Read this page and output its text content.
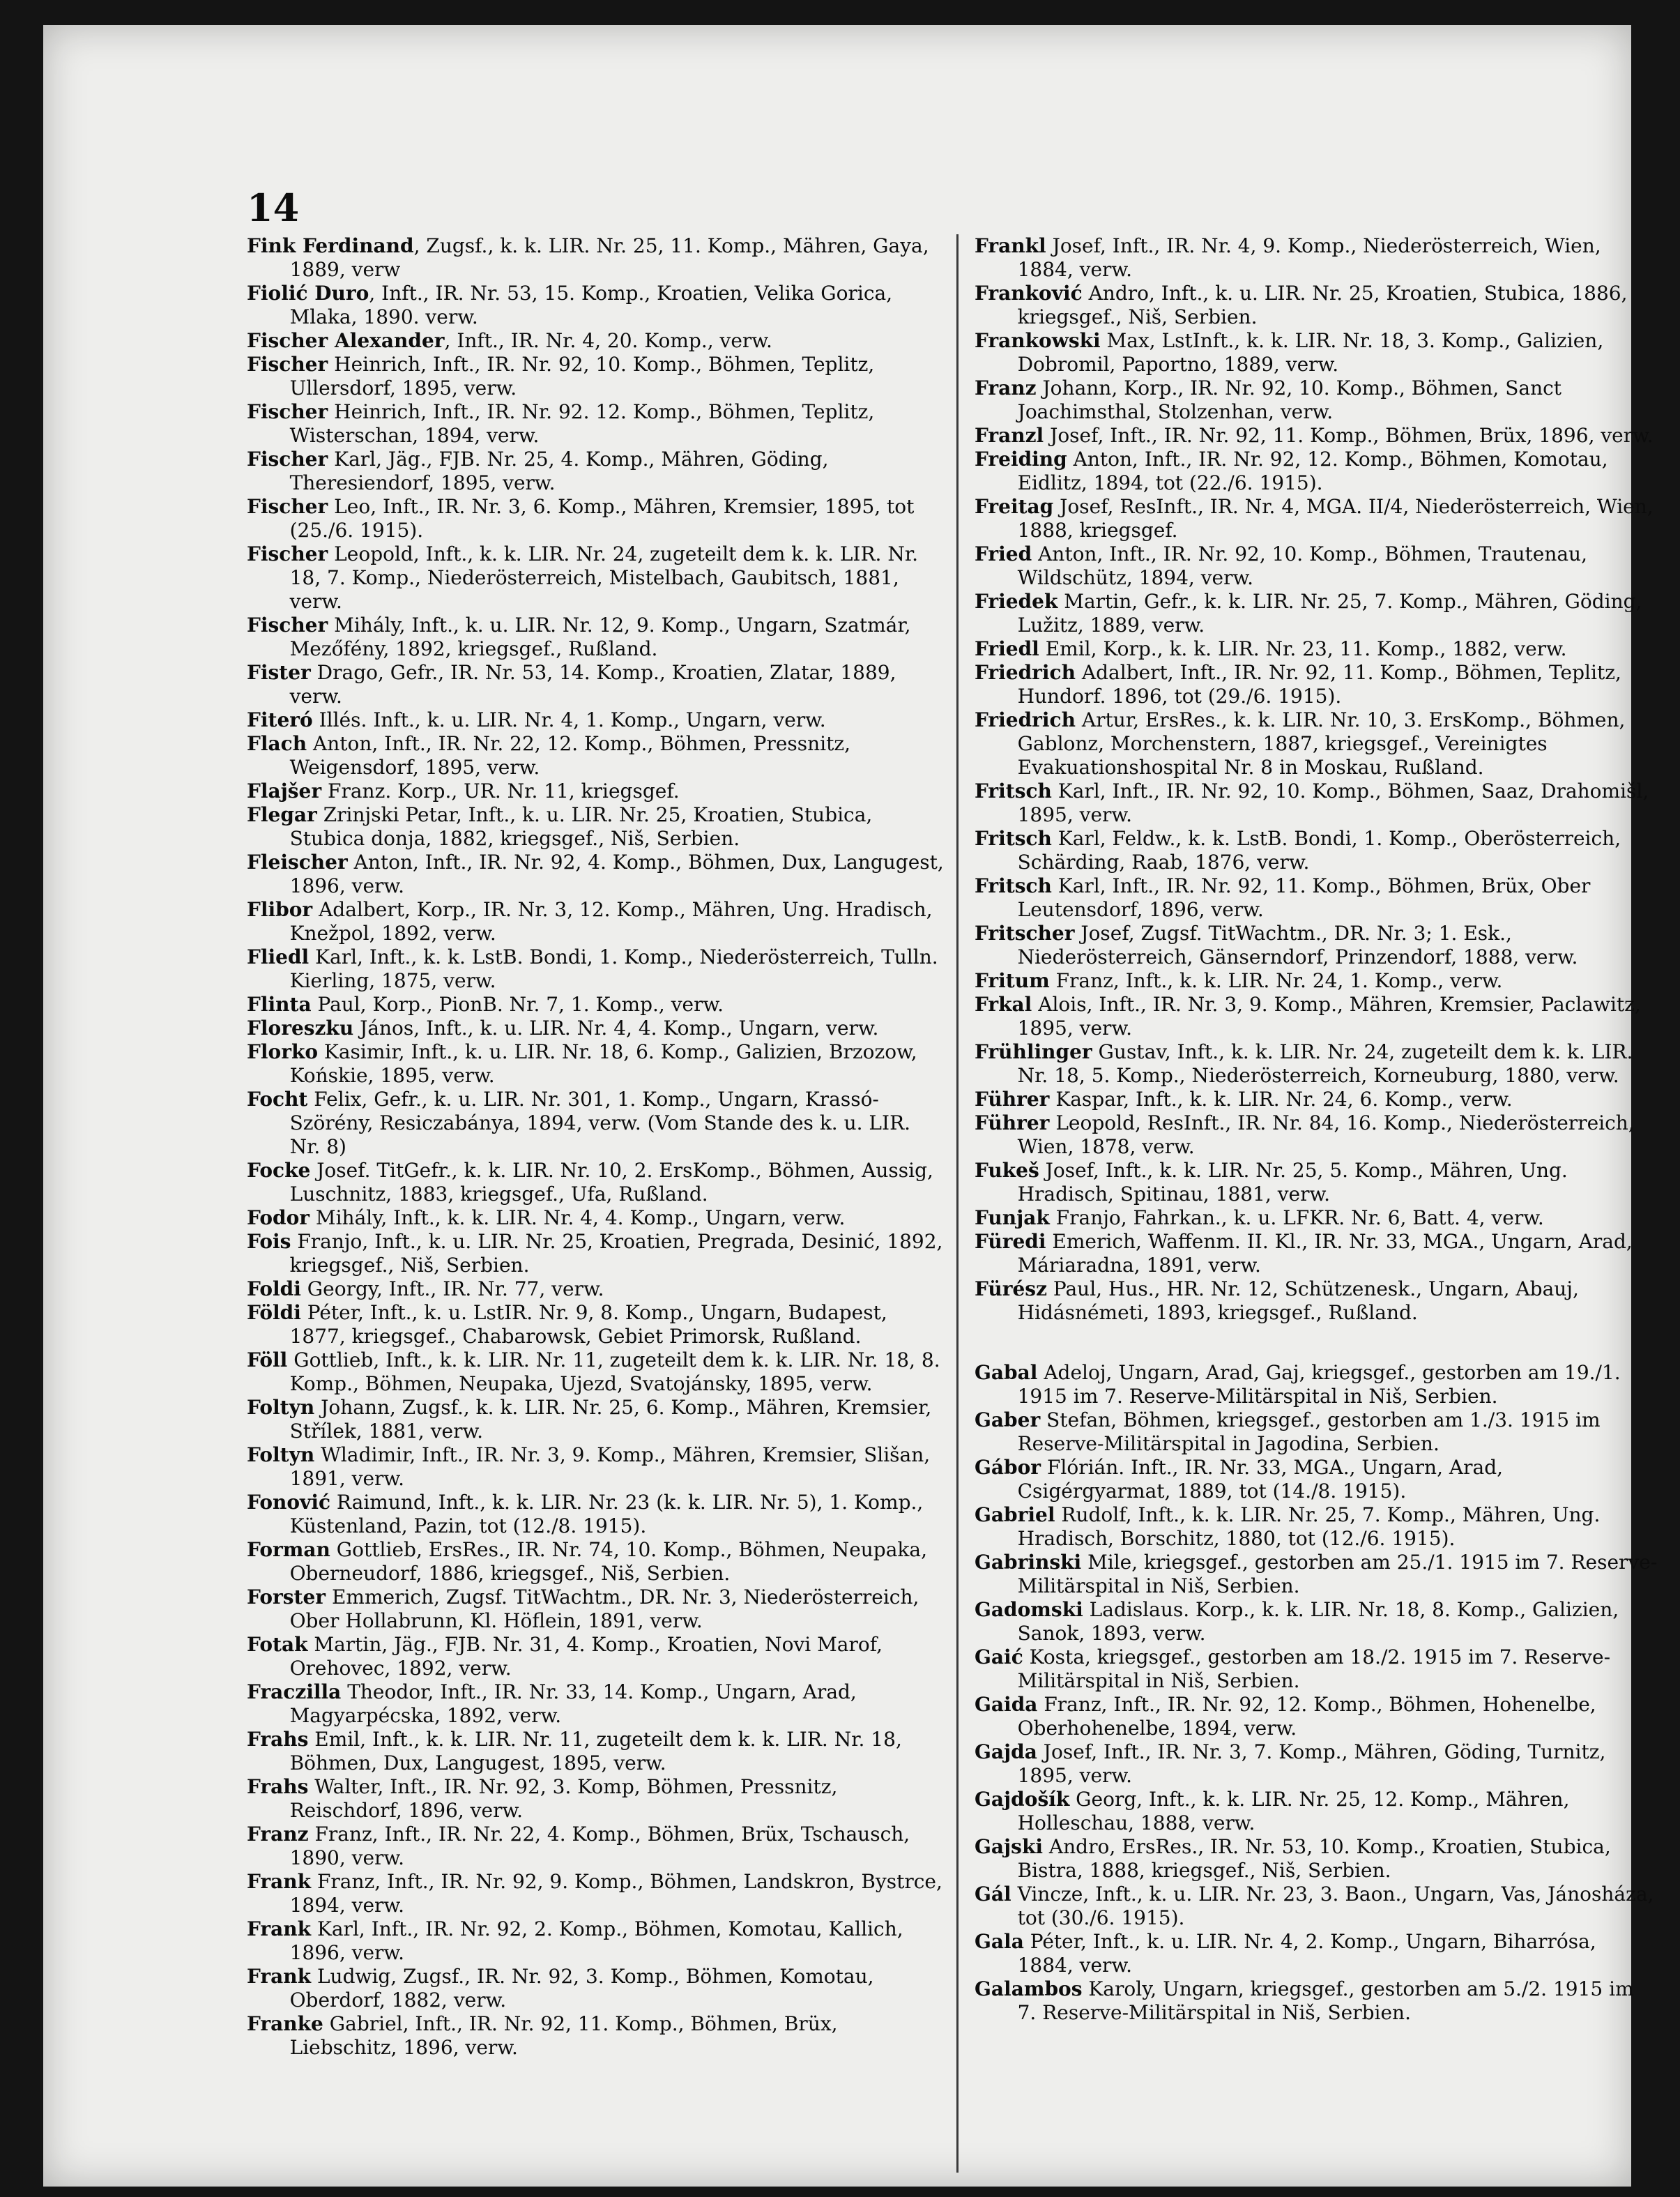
14

Fink Ferdinand, Zugsf., k. k. LIR. Nr. 25, 11. Komp., Mähren, Gaya, 1889, verw

Fiolić Duro, Inft., IR. Nr. 53, 15. Komp., Kroatien, Velika Gorica, Mlaka, 1890. verw.

Fischer Alexander, Inft., IR. Nr. 4, 20. Komp., verw.

Fischer Heinrich, Inft., IR. Nr. 92, 10. Komp., Böhmen, Teplitz, Ullersdorf, 1895, verw.

Fischer Heinrich, Inft., IR. Nr. 92. 12. Komp., Böhmen, Teplitz, Wisterschan, 1894, verw.

Fischer Karl, Jäg., FJB. Nr. 25, 4. Komp., Mähren, Göding, Theresiendorf, 1895, verw.

Fischer Leo, Inft., IR. Nr. 3, 6. Komp., Mähren, Kremsier, 1895, tot (25./6. 1915).

Fischer Leopold, Inft., k. k. LIR. Nr. 24, zugeteilt dem k. k. LIR. Nr. 18, 7. Komp., Niederösterreich, Mistelbach, Gaubitsch, 1881, verw.

Fischer Mihály, Inft., k. u. LIR. Nr. 12, 9. Komp., Ungarn, Szatmár, Mezőfény, 1892, kriegsgef., Rußland.

Fister Drago, Gefr., IR. Nr. 53, 14. Komp., Kroatien, Zlatar, 1889, verw.

Fiteró Illés. Inft., k. u. LIR. Nr. 4, 1. Komp., Ungarn, verw.

Flach Anton, Inft., IR. Nr. 22, 12. Komp., Böhmen, Pressnitz, Weigensdorf, 1895, verw.

Flajšer Franz. Korp., UR. Nr. 11, kriegsgef.

Flegar Zrinjski Petar, Inft., k. u. LIR. Nr. 25, Kroatien, Stubica, Stubica donja, 1882, kriegsgef., Niš, Serbien.

Fleischer Anton, Inft., IR. Nr. 92, 4. Komp., Böhmen, Dux, Langugest, 1896, verw.

Flibor Adalbert, Korp., IR. Nr. 3, 12. Komp., Mähren, Ung. Hradisch, Knežpol, 1892, verw.

Fliedl Karl, Inft., k. k. LstB. Bondi, 1. Komp., Niederösterreich, Tulln. Kierling, 1875, verw.

Flinta Paul, Korp., PionB. Nr. 7, 1. Komp., verw.

Floreszku János, Inft., k. u. LIR. Nr. 4, 4. Komp., Ungarn, verw.

Florko Kasimir, Inft., k. u. LIR. Nr. 18, 6. Komp., Galizien, Brzozow, Końskie, 1895, verw.

Focht Felix, Gefr., k. u. LIR. Nr. 301, 1. Komp., Ungarn, Krassó-Szörény, Resiczabánya, 1894, verw. (Vom Stande des k. u. LIR. Nr. 8)

Focke Josef. TitGefr., k. k. LIR. Nr. 10, 2. ErsKomp., Böhmen, Aussig, Luschnitz, 1883, kriegsgef., Ufa, Rußland.

Fodor Mihály, Inft., k. k. LIR. Nr. 4, 4. Komp., Ungarn, verw.

Fois Franjo, Inft., k. u. LIR. Nr. 25, Kroatien, Pregrada, Desinić, 1892, kriegsgef., Niš, Serbien.

Foldi Georgy, Inft., IR. Nr. 77, verw.

Földi Péter, Inft., k. u. LstIR. Nr. 9, 8. Komp., Ungarn, Budapest, 1877, kriegsgef., Chabarowsk, Gebiet Primorsk, Rußland.

Föll Gottlieb, Inft., k. k. LIR. Nr. 11, zugeteilt dem k. k. LIR. Nr. 18, 8. Komp., Böhmen, Neupaka, Ujezd, Svatojánsky, 1895, verw.

Foltyn Johann, Zugsf., k. k. LIR. Nr. 25, 6. Komp., Mähren, Kremsier, Střílek, 1881, verw.

Foltyn Wladimir, Inft., IR. Nr. 3, 9. Komp., Mähren, Kremsier, Slišan, 1891, verw.

Fonović Raimund, Inft., k. k. LIR. Nr. 23 (k. k. LIR. Nr. 5), 1. Komp., Küstenland, Pazin, tot (12./8. 1915).

Forman Gottlieb, ErsRes., IR. Nr. 74, 10. Komp., Böhmen, Neupaka, Oberneudorf, 1886, kriegsgef., Niš, Serbien.

Forster Emmerich, Zugsf. TitWachtm., DR. Nr. 3, Niederösterreich, Ober Hollabrunn, Kl. Höflein, 1891, verw.

Fotak Martin, Jäg., FJB. Nr. 31, 4. Komp., Kroatien, Novi Marof, Orehovec, 1892, verw.

Fraczilla Theodor, Inft., IR. Nr. 33, 14. Komp., Ungarn, Arad, Magyarpécska, 1892, verw.

Frahs Emil, Inft., k. k. LIR. Nr. 11, zugeteilt dem k. k. LIR. Nr. 18, Böhmen, Dux, Langugest, 1895, verw.

Frahs Walter, Inft., IR. Nr. 92, 3. Komp, Böhmen, Pressnitz, Reischdorf, 1896, verw.

Franz Franz, Inft., IR. Nr. 22, 4. Komp., Böhmen, Brüx, Tschausch, 1890, verw.

Frank Franz, Inft., IR. Nr. 92, 9. Komp., Böhmen, Landskron, Bystrce, 1894, verw.

Frank Karl, Inft., IR. Nr. 92, 2. Komp., Böhmen, Komotau, Kallich, 1896, verw.

Frank Ludwig, Zugsf., IR. Nr. 92, 3. Komp., Böhmen, Komotau, Oberdorf, 1882, verw.

Franke Gabriel, Inft., IR. Nr. 92, 11. Komp., Böhmen, Brüx, Liebschitz, 1896, verw.

Frankl Josef, Inft., IR. Nr. 4, 9. Komp., Niederösterreich, Wien, 1884, verw.

Franković Andro, Inft., k. u. LIR. Nr. 25, Kroatien, Stubica, 1886, kriegsgef., Niš, Serbien.

Frankowski Max, LstInft., k. k. LIR. Nr. 18, 3. Komp., Galizien, Dobromil, Paportno, 1889, verw.

Franz Johann, Korp., IR. Nr. 92, 10. Komp., Böhmen, Sanct Joachimsthal, Stolzenhan, verw.

Franzl Josef, Inft., IR. Nr. 92, 11. Komp., Böhmen, Brüx, 1896, verw.

Freiding Anton, Inft., IR. Nr. 92, 12. Komp., Böhmen, Komotau, Eidlitz, 1894, tot (22./6. 1915).

Freitag Josef, ResInft., IR. Nr. 4, MGA. II/4, Niederösterreich, Wien, 1888, kriegsgef.

Fried Anton, Inft., IR. Nr. 92, 10. Komp., Böhmen, Trautenau, Wildschütz, 1894, verw.

Friedek Martin, Gefr., k. k. LIR. Nr. 25, 7. Komp., Mähren, Göding, Lužitz, 1889, verw.

Friedl Emil, Korp., k. k. LIR. Nr. 23, 11. Komp., 1882, verw.

Friedrich Adalbert, Inft., IR. Nr. 92, 11. Komp., Böhmen, Teplitz, Hundorf. 1896, tot (29./6. 1915).

Friedrich Artur, ErsRes., k. k. LIR. Nr. 10, 3. ErsKomp., Böhmen, Gablonz, Morchenstern, 1887, kriegsgef., Vereinigtes Evakuationshospital Nr. 8 in Moskau, Rußland.

Fritsch Karl, Inft., IR. Nr. 92, 10. Komp., Böhmen, Saaz, Drahomišl, 1895, verw.

Fritsch Karl, Feldw., k. k. LstB. Bondi, 1. Komp., Oberösterreich, Schärding, Raab, 1876, verw.

Fritsch Karl, Inft., IR. Nr. 92, 11. Komp., Böhmen, Brüx, Ober Leutensdorf, 1896, verw.

Fritscher Josef, Zugsf. TitWachtm., DR. Nr. 3; 1. Esk., Niederösterreich, Gänserndorf, Prinzendorf, 1888, verw.

Fritum Franz, Inft., k. k. LIR. Nr. 24, 1. Komp., verw.

Frkal Alois, Inft., IR. Nr. 3, 9. Komp., Mähren, Kremsier, Paclawitz, 1895, verw.

Frühlinger Gustav, Inft., k. k. LIR. Nr. 24, zugeteilt dem k. k. LIR. Nr. 18, 5. Komp., Niederösterreich, Korneuburg, 1880, verw.

Führer Kaspar, Inft., k. k. LIR. Nr. 24, 6. Komp., verw.

Führer Leopold, ResInft., IR. Nr. 84, 16. Komp., Niederösterreich, Wien, 1878, verw.

Fukeš Josef, Inft., k. k. LIR. Nr. 25, 5. Komp., Mähren, Ung. Hradisch, Spitinau, 1881, verw.

Funjak Franjo, Fahrkan., k. u. LFKR. Nr. 6, Batt. 4, verw.

Füredi Emerich, Waffenm. II. Kl., IR. Nr. 33, MGA., Ungarn, Arad, Máriaradna, 1891, verw.

Fürész Paul, Hus., HR. Nr. 12, Schützenesk., Ungarn, Abauj, Hidásnémeti, 1893, kriegsgef., Rußland.

Gabal Adeloj, Ungarn, Arad, Gaj, kriegsgef., gestorben am 19./1. 1915 im 7. Reserve-Militärspital in Niš, Serbien.

Gaber Stefan, Böhmen, kriegsgef., gestorben am 1./3. 1915 im Reserve-Militärspital in Jagodina, Serbien.

Gábor Flórián. Inft., IR. Nr. 33, MGA., Ungarn, Arad, Csigérgyarmat, 1889, tot (14./8. 1915).

Gabriel Rudolf, Inft., k. k. LIR. Nr. 25, 7. Komp., Mähren, Ung. Hradisch, Borschitz, 1880, tot (12./6. 1915).

Gabrinski Mile, kriegsgef., gestorben am 25./1. 1915 im 7. Reserve-Militärspital in Niš, Serbien.

Gadomski Ladislaus. Korp., k. k. LIR. Nr. 18, 8. Komp., Galizien, Sanok, 1893, verw.

Gaić Kosta, kriegsgef., gestorben am 18./2. 1915 im 7. Reserve-Militärspital in Niš, Serbien.

Gaida Franz, Inft., IR. Nr. 92, 12. Komp., Böhmen, Hohenelbe, Oberhohenelbe, 1894, verw.

Gajda Josef, Inft., IR. Nr. 3, 7. Komp., Mähren, Göding, Turnitz, 1895, verw.

Gajdošík Georg, Inft., k. k. LIR. Nr. 25, 12. Komp., Mähren, Holleschau, 1888, verw.

Gajski Andro, ErsRes., IR. Nr. 53, 10. Komp., Kroatien, Stubica, Bistra, 1888, kriegsgef., Niš, Serbien.

Gál Vincze, Inft., k. u. LIR. Nr. 23, 3. Baon., Ungarn, Vas, Jánosháza, tot (30./6. 1915).

Gala Péter, Inft., k. u. LIR. Nr. 4, 2. Komp., Ungarn, Biharrósa, 1884, verw.

Galambos Karoly, Ungarn, kriegsgef., gestorben am 5./2. 1915 im 7. Reserve-Militärspital in Niš, Serbien.
